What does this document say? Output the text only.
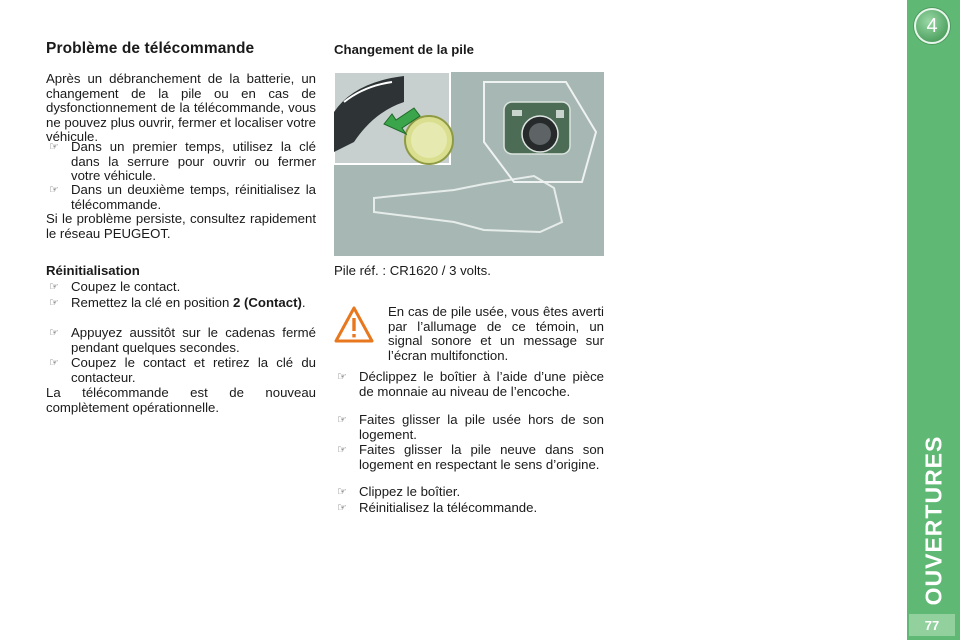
Problème de télécommande

Après un débranchement de la batterie, un changement de la pile ou en cas de dysfonctionnement de la télécommande, vous ne pouvez plus ouvrir, fermer et localiser votre véhicule.

☞ Dans un premier temps, utilisez la clé dans la serrure pour ouvrir ou fermer votre véhicule.

☞ Dans un deuxième temps, réinitialisez la télécommande.

Si le problème persiste, consultez rapidement le réseau PEUGEOT.

Réinitialisation

☞ Coupez le contact.

☞ Remettez la clé en position 2 (Contact).

☞ Appuyez aussitôt sur le cadenas fermé pendant quelques secondes.

☞ Coupez le contact et retirez la clé du contacteur.

La télécommande est de nouveau complètement opérationnelle.

Changement de la pile

Pile réf. : CR1620 / 3 volts.

En cas de pile usée, vous êtes averti par l’allumage de ce témoin, un signal sonore et un message sur l’écran multifonction.

☞ Déclippez le boîtier à l’aide d’une pièce de monnaie au niveau de l’encoche.

☞ Faites glisser la pile usée hors de son logement.

☞ Faites glisser la pile neuve dans son logement en respectant le sens d’origine.

☞ Clippez le boîtier.

☞ Réinitialisez la télécommande.

4
OUVERTURES
77
